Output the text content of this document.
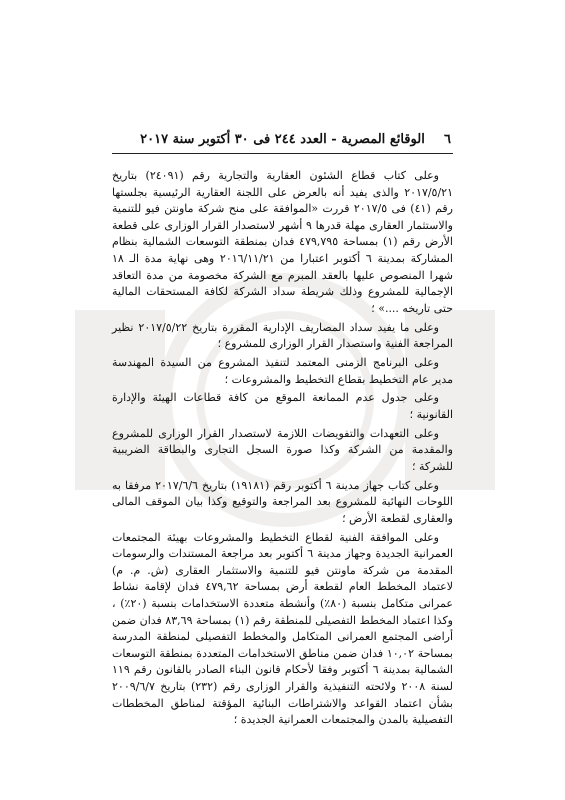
٦
الوقائع المصرية - العدد ٢٤٤ فى ٣٠ أكتوبر سنة ٢٠١٧

وعلى كتاب قطاع الشئون العقارية والتجارية رقم (٢٤٠٩١) بتاريخ ٢٠١٧/٥/٢١ والذى يفيد أنه بالعرض على اللجنة العقارية الرئيسية بجلستها رقم (٤١) فى ٢٠١٧/٥ قررت «الموافقة على منح شركة ماونتن فيو للتنمية والاستثمار العقارى مهلة قدرها ٩ أشهر لاستصدار القرار الوزارى على قطعة الأرض رقم (١) بمساحة ٤٧٩,٧٩٥ فدان بمنطقة التوسعات الشمالية بنظام المشاركة بمدينة ٦ أكتوبر اعتبارا من ٢٠١٦/١١/٢١ وهى نهاية مدة الـ ١٨ شهرا المنصوص عليها بالعقد المبرم مع الشركة مخصومة من مدة التعاقد الإجمالية للمشروع وذلك شريطة سداد الشركة لكافة المستحقات المالية حتى تاريخه ....» ؛

وعلى ما يفيد سداد المصاريف الإدارية المقررة بتاريخ ٢٠١٧/٥/٢٢ نظير المراجعة الفنية واستصدار القرار الوزارى للمشروع ؛

وعلى البرنامج الزمنى المعتمد لتنفيذ المشروع من السيدة المهندسة مدير عام التخطيط بقطاع التخطيط والمشروعات ؛

وعلى جدول عدم الممانعة الموقع من كافة قطاعات الهيئة والإدارة القانونية ؛

وعلى التعهدات والتفويضات اللازمة لاستصدار القرار الوزارى للمشروع والمقدمة من الشركة وكذا صورة السجل التجارى والبطاقة الضريبية للشركة ؛

وعلى كتاب جهاز مدينة ٦ أكتوبر رقم (١٩١٨١) بتاريخ ٢٠١٧/٦/٦ مرفقا به اللوحات النهائية للمشروع بعد المراجعة والتوقيع وكذا بيان الموقف المالى والعقارى لقطعة الأرض ؛

وعلى الموافقة الفنية لقطاع التخطيط والمشروعات بهيئة المجتمعات العمرانية الجديدة وجهاز مدينة ٦ أكتوبر بعد مراجعة المستندات والرسومات المقدمة من شركة ماونتن فيو للتنمية والاستثمار العقارى (ش. م. م) لاعتماد المخطط العام لقطعة أرض بمساحة ٤٧٩,٦٢ فدان لإقامة نشاط عمرانى متكامل بنسبة (٨٠٪) وأنشطة متعددة الاستخدامات بنسبة (٢٠٪) ، وكذا اعتماد المخطط التفصيلى للمنطقة رقم (١) بمساحة ٨٣,٦٩ فدان ضمن أراضى المجتمع العمرانى المتكامل والمخطط التفصيلى لمنطقة المدرسة بمساحة ١٠,٠٢ فدان ضمن مناطق الاستخدامات المتعددة بمنطقة التوسعات الشمالية بمدينة ٦ أكتوبر وفقا لأحكام قانون البناء الصادر بالقانون رقم ١١٩ لسنة ٢٠٠٨ ولائحته التنفيذية والقرار الوزارى رقم (٢٣٢) بتاريخ ٢٠٠٩/٦/٧ بشأن اعتماد القواعد والاشتراطات البنائية المؤقتة لمناطق المخططات التفصيلية بالمدن والمجتمعات العمرانية الجديدة ؛
